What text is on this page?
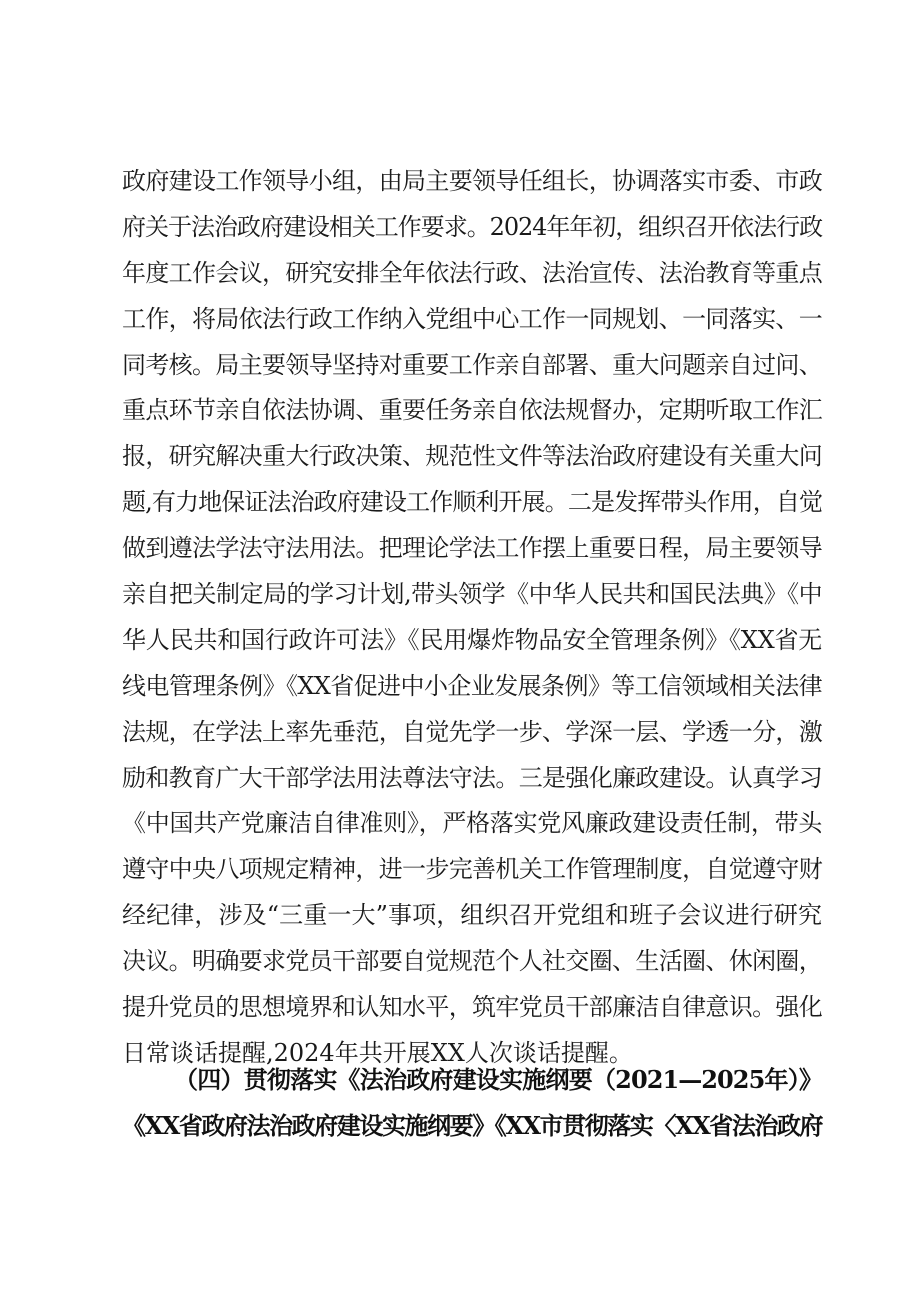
政府建设工作领导小组，由局主要领导任组长，协调落实市委、市政
府关于法治政府建设相关工作要求。2024年年初，组织召开依法行政
年度工作会议，研究安排全年依法行政、法治宣传、法治教育等重点
工作，将局依法行政工作纳入党组中心工作一同规划、一同落实、一
同考核。局主要领导坚持对重要工作亲自部署、重大问题亲自过问、
重点环节亲自依法协调、重要任务亲自依法规督办，定期听取工作汇
报，研究解决重大行政决策、规范性文件等法治政府建设有关重大问
题,有力地保证法治政府建设工作顺利开展。二是发挥带头作用，自觉
做到遵法学法守法用法。把理论学法工作摆上重要日程，局主要领导
亲自把关制定局的学习计划,带头领学《中华人民共和国民法典》《中
华人民共和国行政许可法》《民用爆炸物品安全管理条例》《XX省无
线电管理条例》《XX省促进中小企业发展条例》等工信领域相关法律
法规，在学法上率先垂范，自觉先学一步、学深一层、学透一分，激
励和教育广大干部学法用法尊法守法。三是强化廉政建设。认真学习
《中国共产党廉洁自律准则》，严格落实党风廉政建设责任制，带头
遵守中央八项规定精神，进一步完善机关工作管理制度，自觉遵守财
经纪律，涉及“三重一大”事项，组织召开党组和班子会议进行研究
决议。明确要求党员干部要自觉规范个人社交圈、生活圈、休闲圈，
提升党员的思想境界和认知水平，筑牢党员干部廉洁自律意识。强化
日常谈话提醒,2024年共开展XX人次谈话提醒。
（四）贯彻落实《法治政府建设实施纲要（2021—2025年）》
《XX省政府法治政府建设实施纲要》《XX市贯彻落实〈XX省法治政府
